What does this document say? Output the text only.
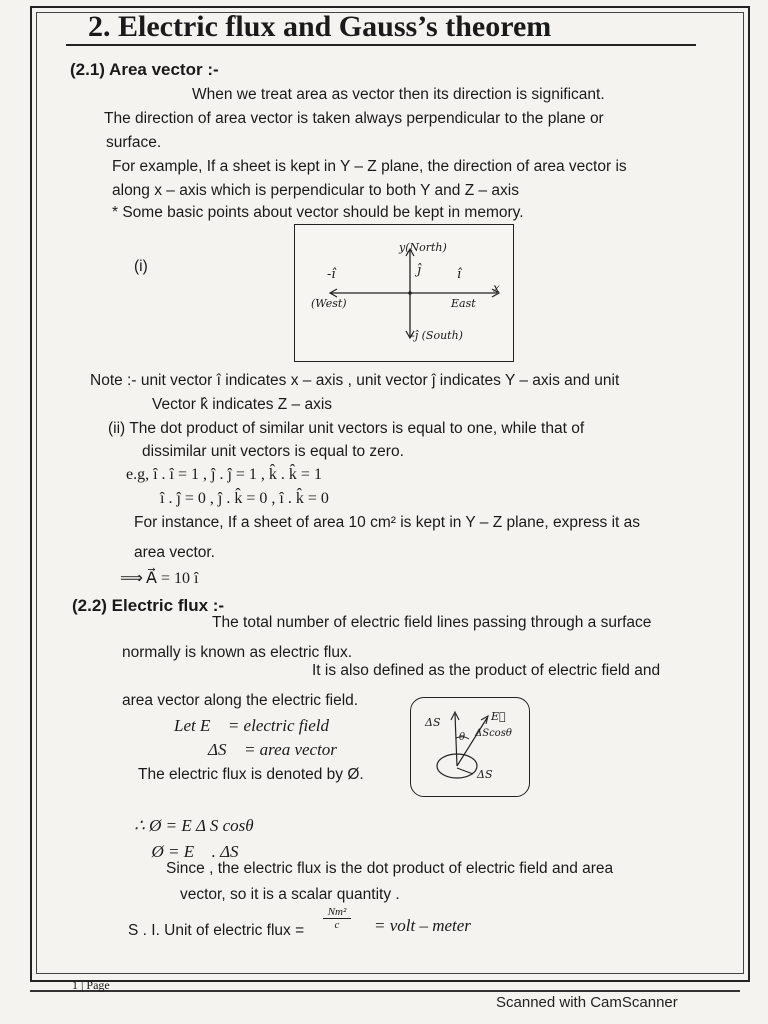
2. Electric flux and Gauss’s theorem
(2.1) Area vector :-
When we treat area as vector then its direction is significant.
The direction of area vector is taken always perpendicular to the plane or
surface.
For example, If a sheet is kept in Y – Z plane, the direction of area vector is
along x – axis which is perpendicular to both Y and Z – axis
* Some basic points about vector should be kept in memory.
(i)
y(North)
ĵ
-î	î
x
(West)	East
-ĵ (South)
Note :- unit vector î indicates x – axis , unit vector ĵ indicates Y – axis and unit
Vector k̂ indicates Z – axis
(ii) The dot product of similar unit vectors is equal to one, while that of
dissimilar unit vectors is equal to zero.
e.g, î . î = 1 , ĵ . ĵ = 1 , k̂ . k̂ = 1
î . ĵ = 0 , ĵ . k̂ = 0 , î . k̂ = 0
For instance, If a sheet of area 10 cm² is kept in Y – Z plane, express it as
area vector.
⟹ A⃗ = 10 î
(2.2) Electric flux :-
The total number of electric field lines passing through a surface
normally is known as electric flux.
It is also defined as the product of electric field and
area vector along the electric field.
Let E⃗ = electric field
ΔS⃗ = area vector
The electric flux is denoted by Ø.
ΔS	E⃗
θ ΔScosθ
ΔS
∴ Ø = E Δ S cosθ
∴ Ø = E⃗ . ΔS⃗
Since , the electric flux is the dot product of electric field and area
vector, so it is a scalar quantity .
S . I. Unit of electric flux = $\frac{\text{Nm²}}{c}$ = volt – meter
1 | Page
Scanned with CamScanner
